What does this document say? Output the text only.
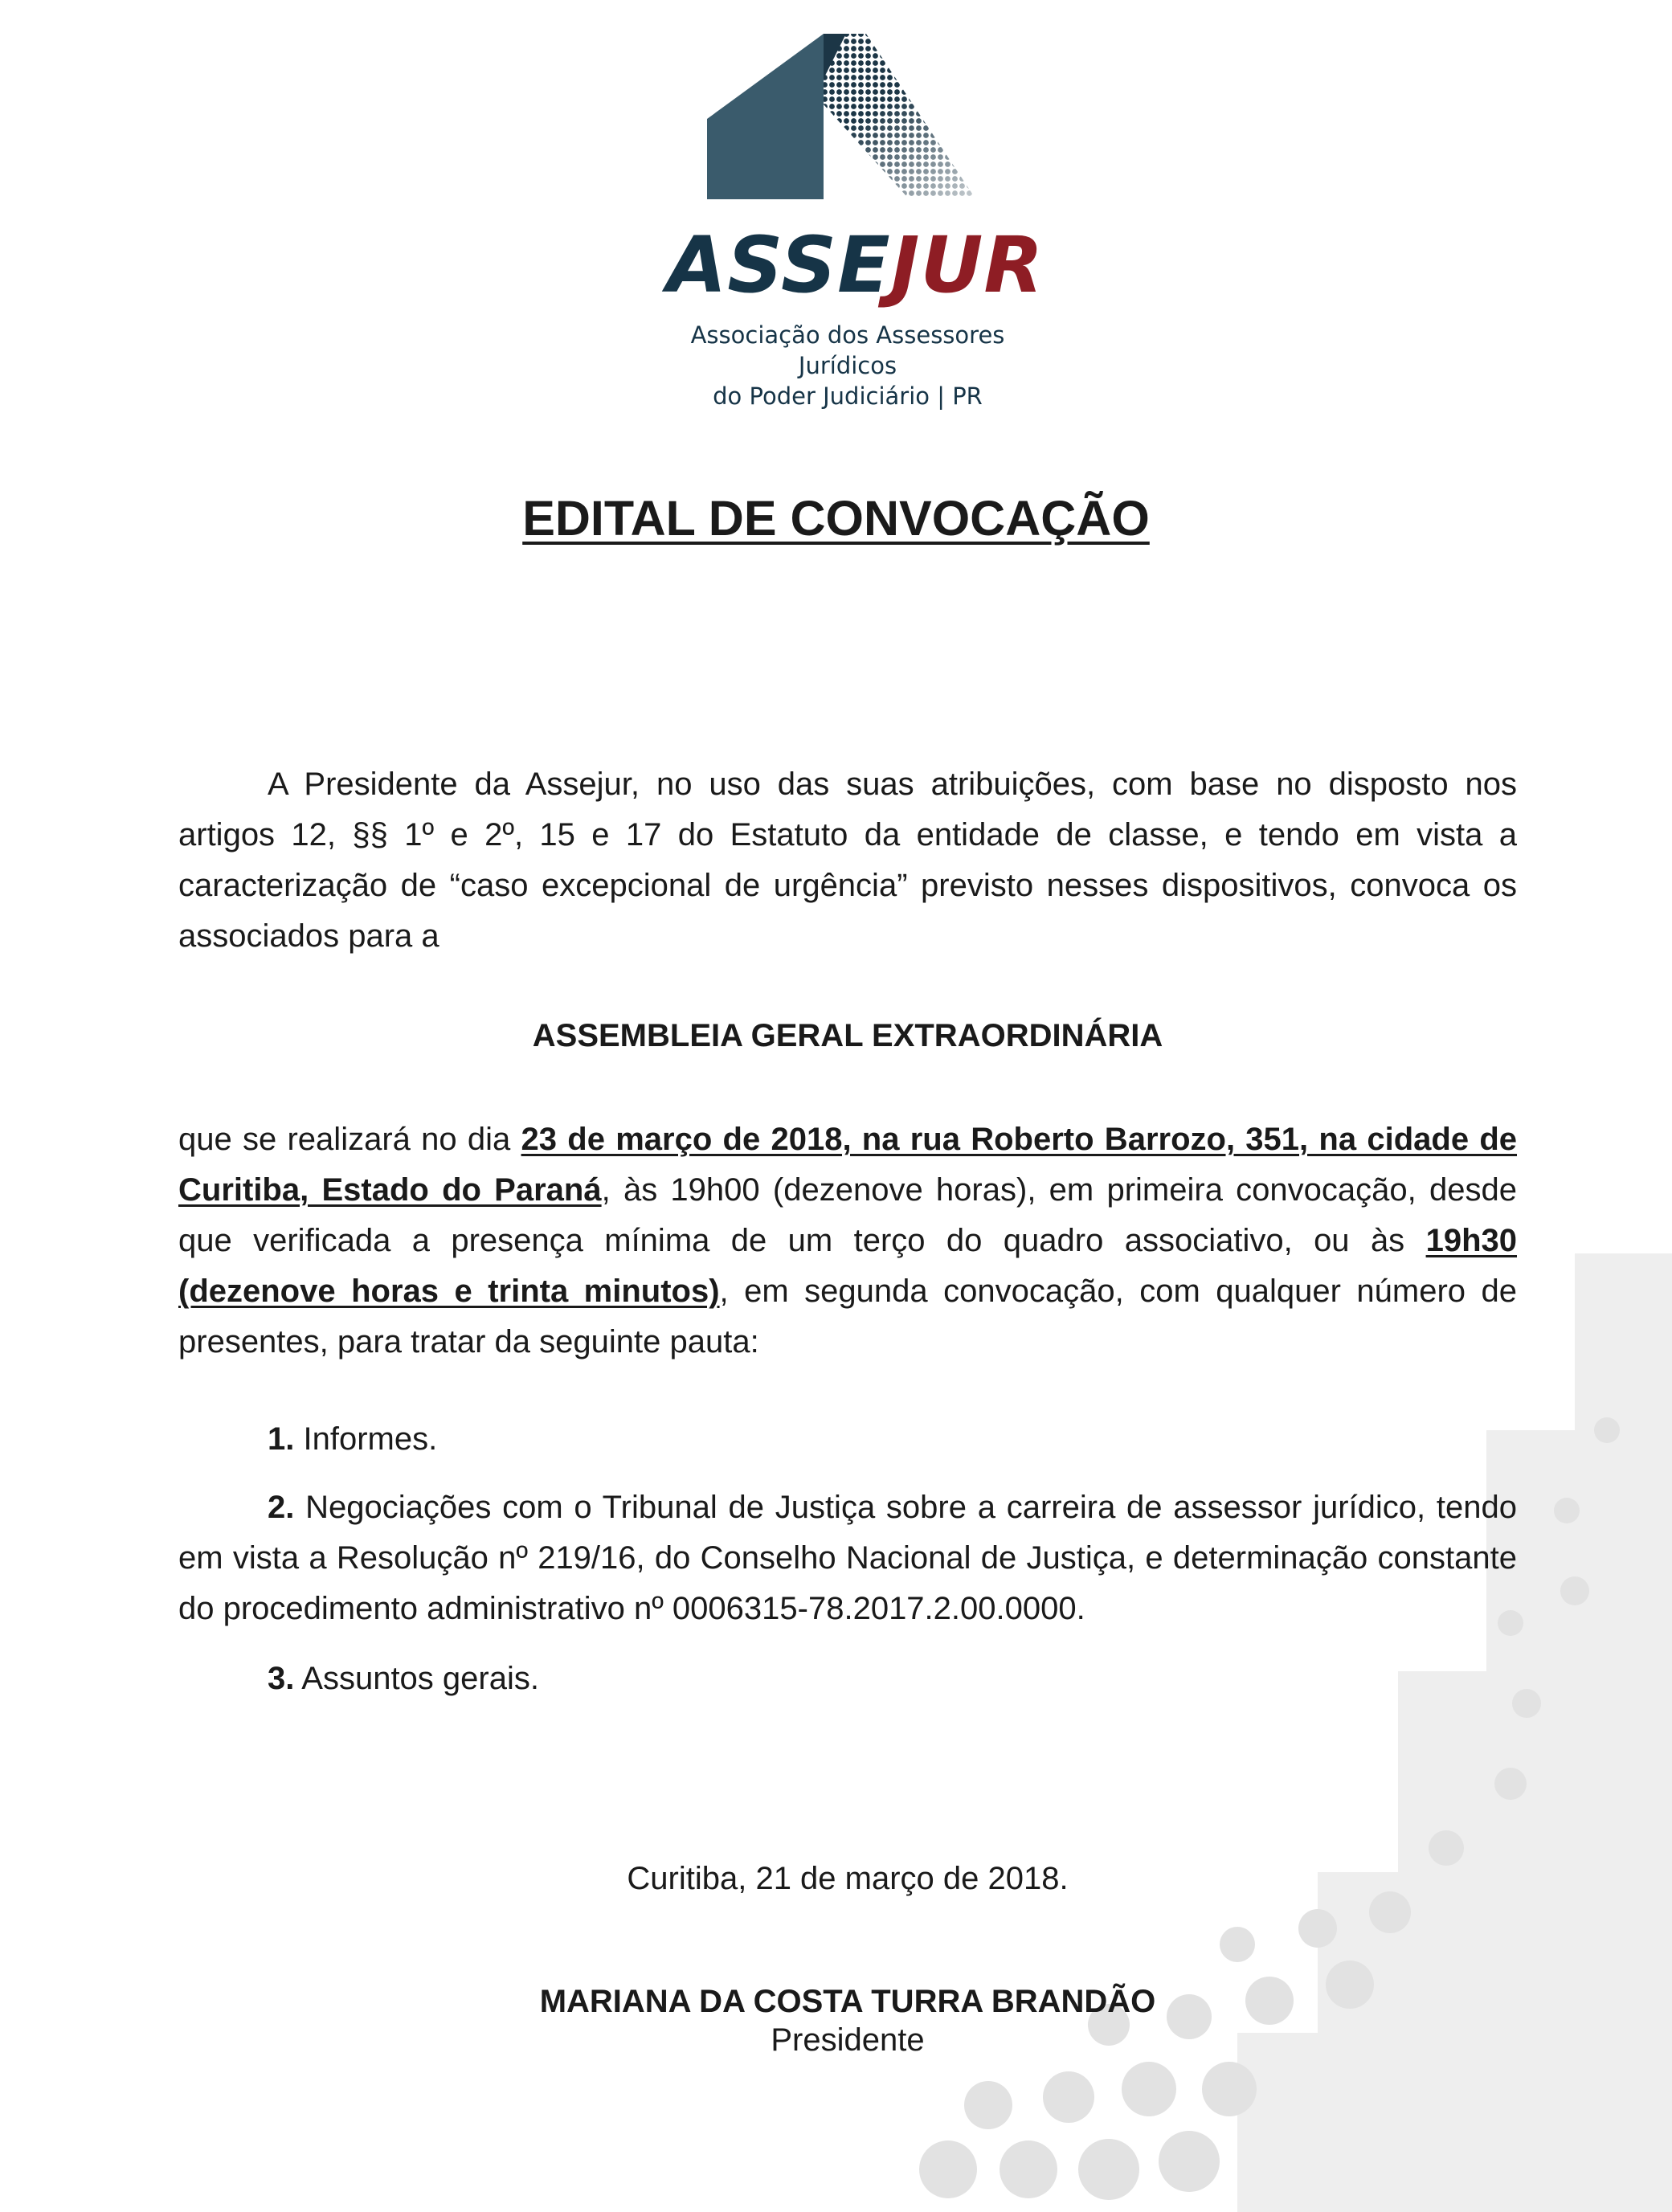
ASSEJUR
Associação dos Assessores Jurídicos
do Poder Judiciário | PR
EDITAL DE CONVOCAÇÃO

A Presidente da Assejur, no uso das suas atribuições, com base no disposto nos artigos 12, §§ 1º e 2º, 15 e 17 do Estatuto da entidade de classe, e tendo em vista a caracterização de “caso excepcional de urgência” previsto nesses dispositivos, convoca os associados para a

ASSEMBLEIA GERAL EXTRAORDINÁRIA

que se realizará no dia 23 de março de 2018, na rua Roberto Barrozo, 351, na cidade de Curitiba, Estado do Paraná, às 19h00 (dezenove horas), em primeira convocação, desde que verificada a presença mínima de um terço do quadro associativo, ou às 19h30 (dezenove horas e trinta minutos), em segunda convocação, com qualquer número de presentes, para tratar da seguinte pauta:

1. Informes.

2. Negociações com o Tribunal de Justiça sobre a carreira de assessor jurídico, tendo em vista a Resolução nº 219/16, do Conselho Nacional de Justiça, e determinação constante do procedimento administrativo nº 0006315-78.2017.2.00.0000.

3. Assuntos gerais.

Curitiba, 21 de março de 2018.

MARIANA DA COSTA TURRA BRANDÃO

Presidente
